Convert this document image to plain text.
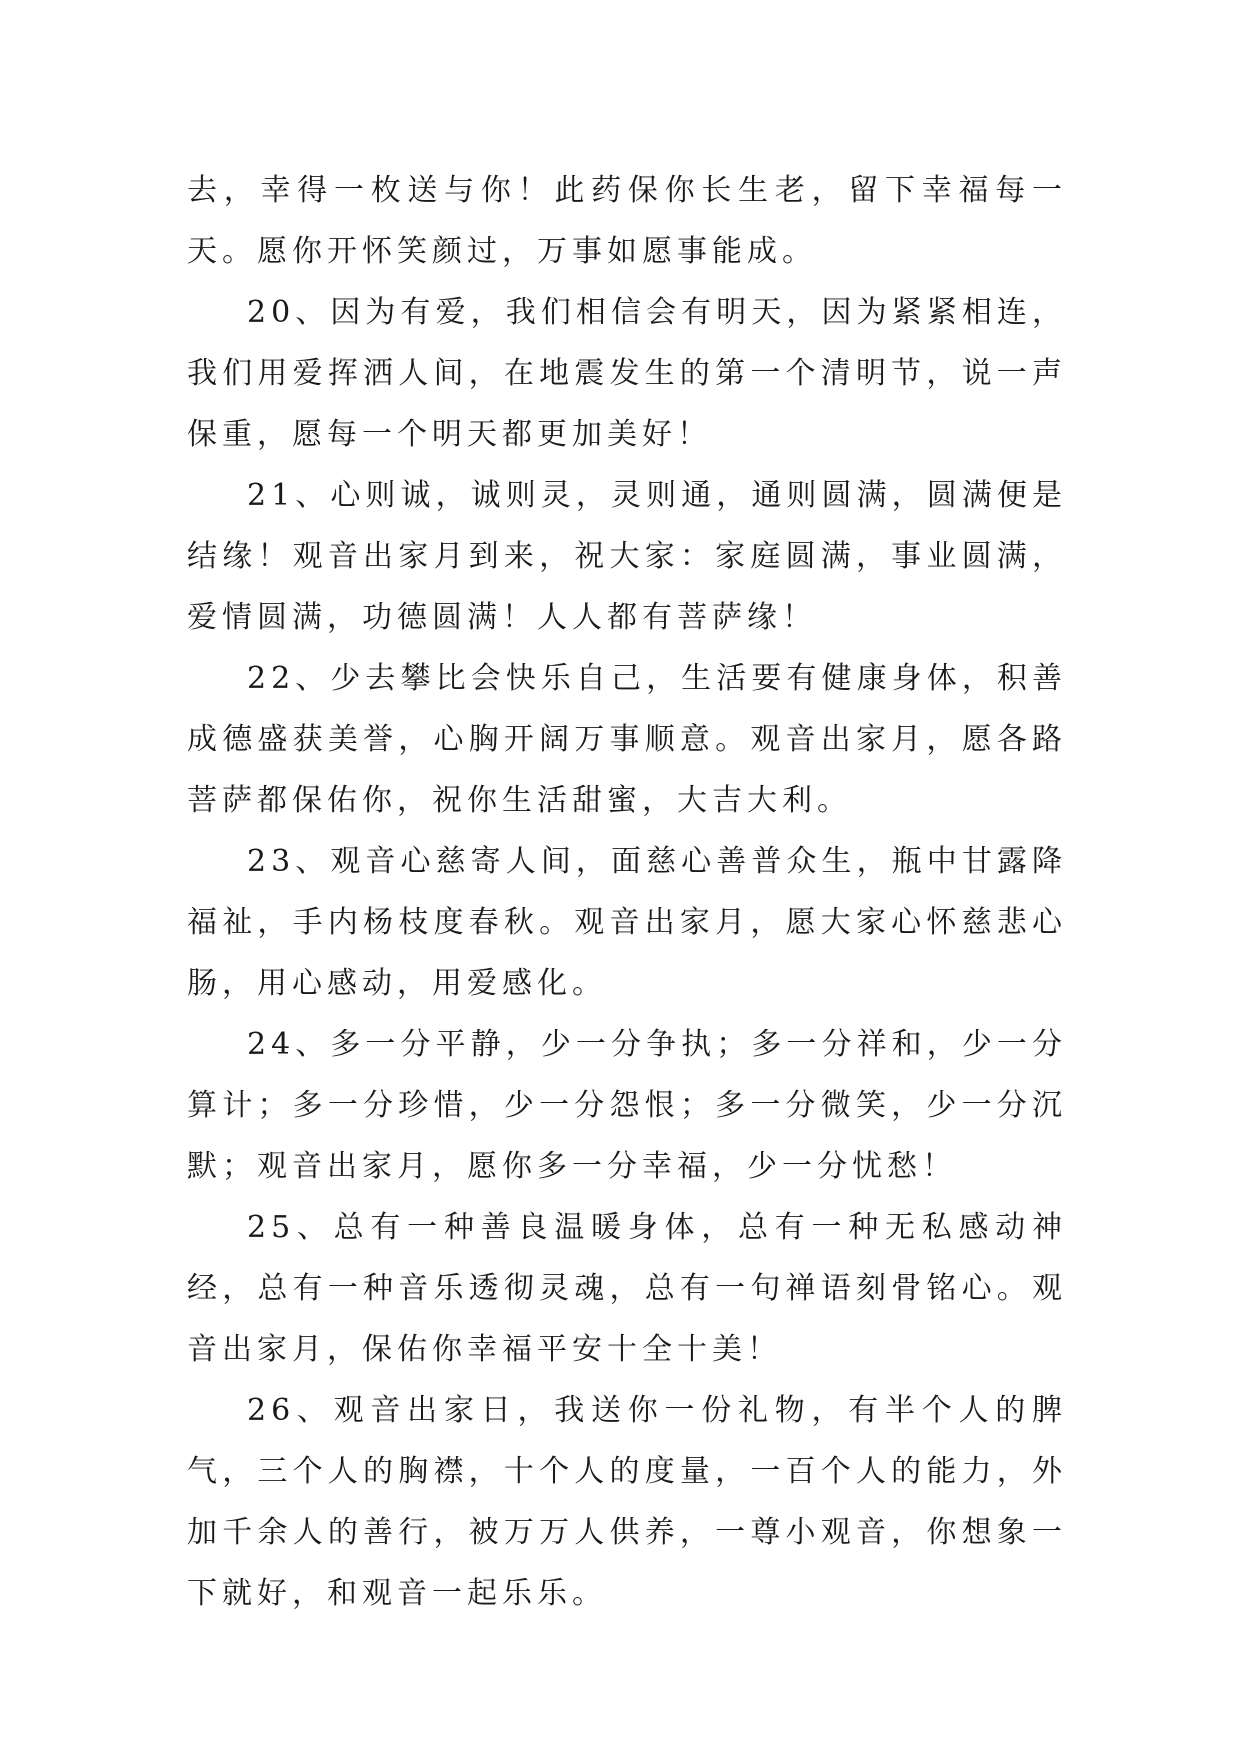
去，幸得一枚送与你！此药保你长生老，留下幸福每一天。愿你开怀笑颜过，万事如愿事能成。

20、因为有爱，我们相信会有明天，因为紧紧相连，我们用爱挥洒人间，在地震发生的第一个清明节，说一声保重，愿每一个明天都更加美好！

21、心则诚，诚则灵，灵则通，通则圆满，圆满便是结缘！观音出家月到来，祝大家：家庭圆满，事业圆满，爱情圆满，功德圆满！人人都有菩萨缘！

22、少去攀比会快乐自己，生活要有健康身体，积善成德盛获美誉，心胸开阔万事顺意。观音出家月，愿各路菩萨都保佑你，祝你生活甜蜜，大吉大利。

23、观音心慈寄人间，面慈心善普众生，瓶中甘露降福祉，手内杨枝度春秋。观音出家月，愿大家心怀慈悲心肠，用心感动，用爱感化。

24、多一分平静，少一分争执；多一分祥和，少一分算计；多一分珍惜，少一分怨恨；多一分微笑，少一分沉默；观音出家月，愿你多一分幸福，少一分忧愁！

25、总有一种善良温暖身体，总有一种无私感动神经，总有一种音乐透彻灵魂，总有一句禅语刻骨铭心。观音出家月，保佑你幸福平安十全十美！

26、观音出家日，我送你一份礼物，有半个人的脾气，三个人的胸襟，十个人的度量，一百个人的能力，外加千余人的善行，被万万人供养，一尊小观音，你想象一下就好，和观音一起乐乐。
